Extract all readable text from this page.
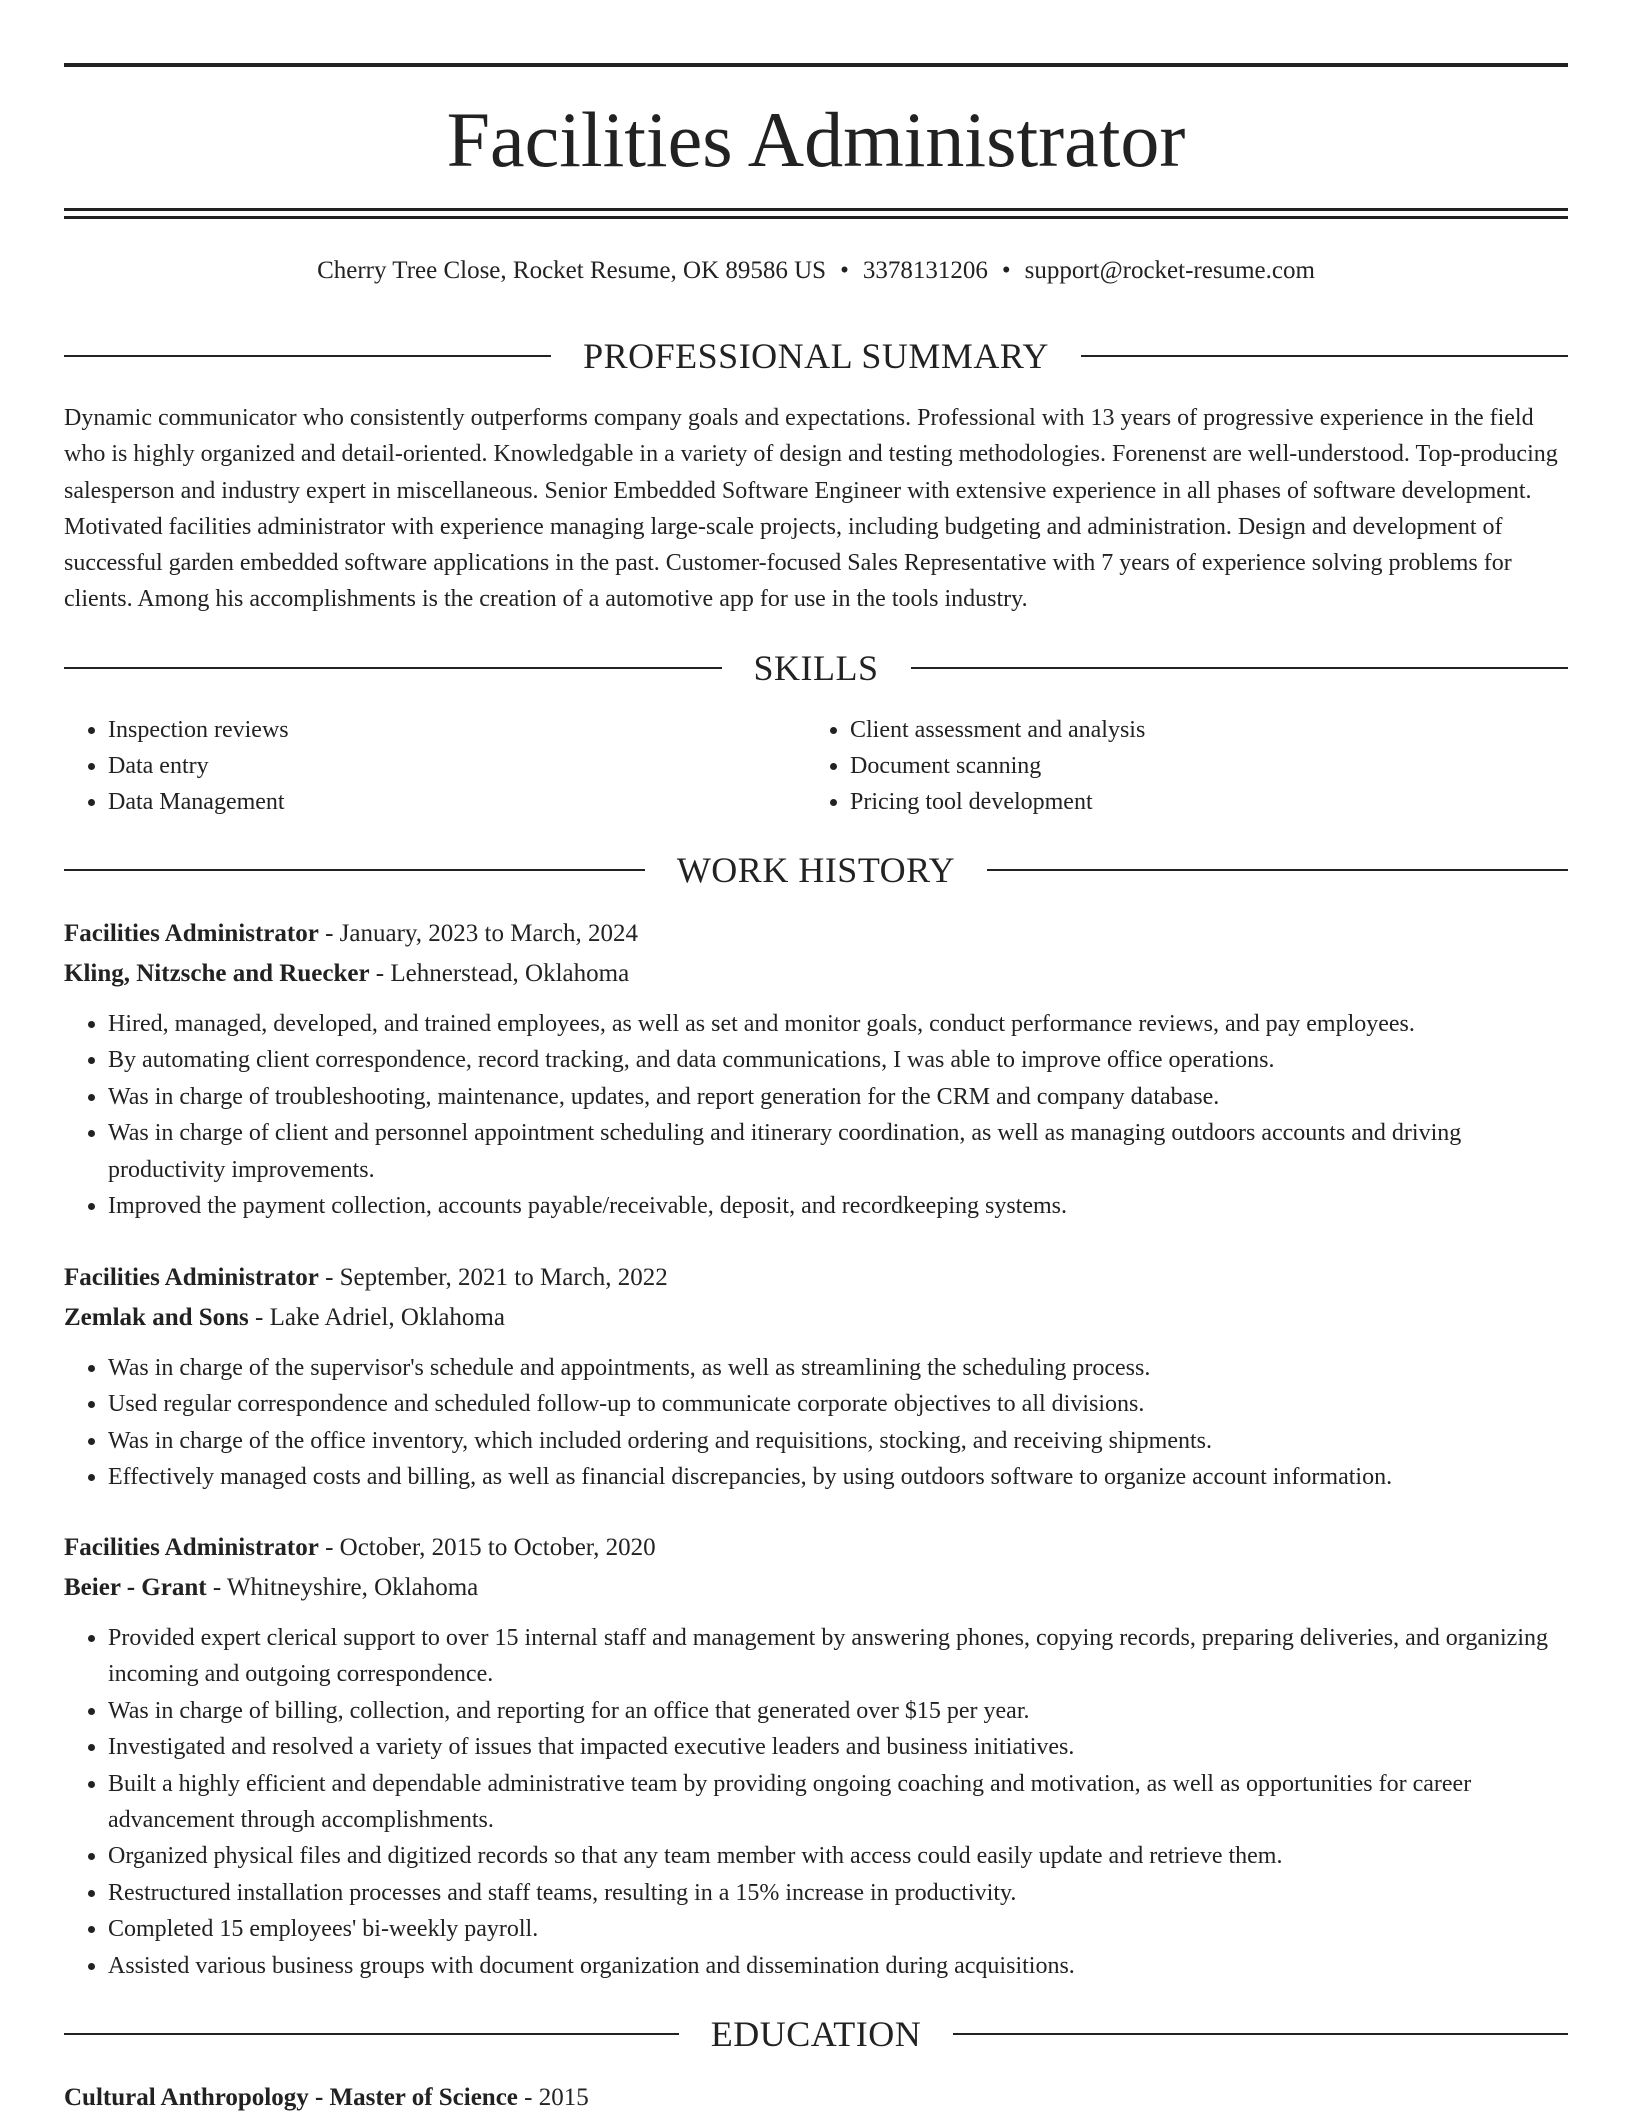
Facilities Administrator
Cherry Tree Close, Rocket Resume, OK 89586 US • 3378131206 • support@rocket-resume.com
PROFESSIONAL SUMMARY

Dynamic communicator who consistently outperforms company goals and expectations. Professional with 13 years of progressive experience in the field who is highly organized and detail-oriented. Knowledgable in a variety of design and testing methodologies. Forenenst are well-understood. Top-producing salesperson and industry expert in miscellaneous. Senior Embedded Software Engineer with extensive experience in all phases of software development. Motivated facilities administrator with experience managing large-scale projects, including budgeting and administration. Design and development of successful garden embedded software applications in the past. Customer-focused Sales Representative with 7 years of experience solving problems for clients. Among his accomplishments is the creation of a automotive app for use in the tools industry.

SKILLS
• Inspection reviews
• Data entry
• Data Management
• Client assessment and analysis
• Document scanning
• Pricing tool development
WORK HISTORY

Facilities Administrator - January, 2023 to March, 2024

Kling, Nitzsche and Ruecker - Lehnerstead, Oklahoma

• Hired, managed, developed, and trained employees, as well as set and monitor goals, conduct performance reviews, and pay employees.
• By automating client correspondence, record tracking, and data communications, I was able to improve office operations.
• Was in charge of troubleshooting, maintenance, updates, and report generation for the CRM and company database.
• Was in charge of client and personnel appointment scheduling and itinerary coordination, as well as managing outdoors accounts and driving productivity improvements.
• Improved the payment collection, accounts payable/receivable, deposit, and recordkeeping systems.

Facilities Administrator - September, 2021 to March, 2022

Zemlak and Sons - Lake Adriel, Oklahoma

• Was in charge of the supervisor's schedule and appointments, as well as streamlining the scheduling process.
• Used regular correspondence and scheduled follow-up to communicate corporate objectives to all divisions.
• Was in charge of the office inventory, which included ordering and requisitions, stocking, and receiving shipments.
• Effectively managed costs and billing, as well as financial discrepancies, by using outdoors software to organize account information.

Facilities Administrator - October, 2015 to October, 2020

Beier - Grant - Whitneyshire, Oklahoma

• Provided expert clerical support to over 15 internal staff and management by answering phones, copying records, preparing deliveries, and organizing incoming and outgoing correspondence.
• Was in charge of billing, collection, and reporting for an office that generated over $15 per year.
• Investigated and resolved a variety of issues that impacted executive leaders and business initiatives.
• Built a highly efficient and dependable administrative team by providing ongoing coaching and motivation, as well as opportunities for career advancement through accomplishments.
• Organized physical files and digitized records so that any team member with access could easily update and retrieve them.
• Restructured installation processes and staff teams, resulting in a 15% increase in productivity.
• Completed 15 employees' bi-weekly payroll.
• Assisted various business groups with document organization and dissemination during acquisitions.
EDUCATION

Cultural Anthropology - Master of Science - 2015
